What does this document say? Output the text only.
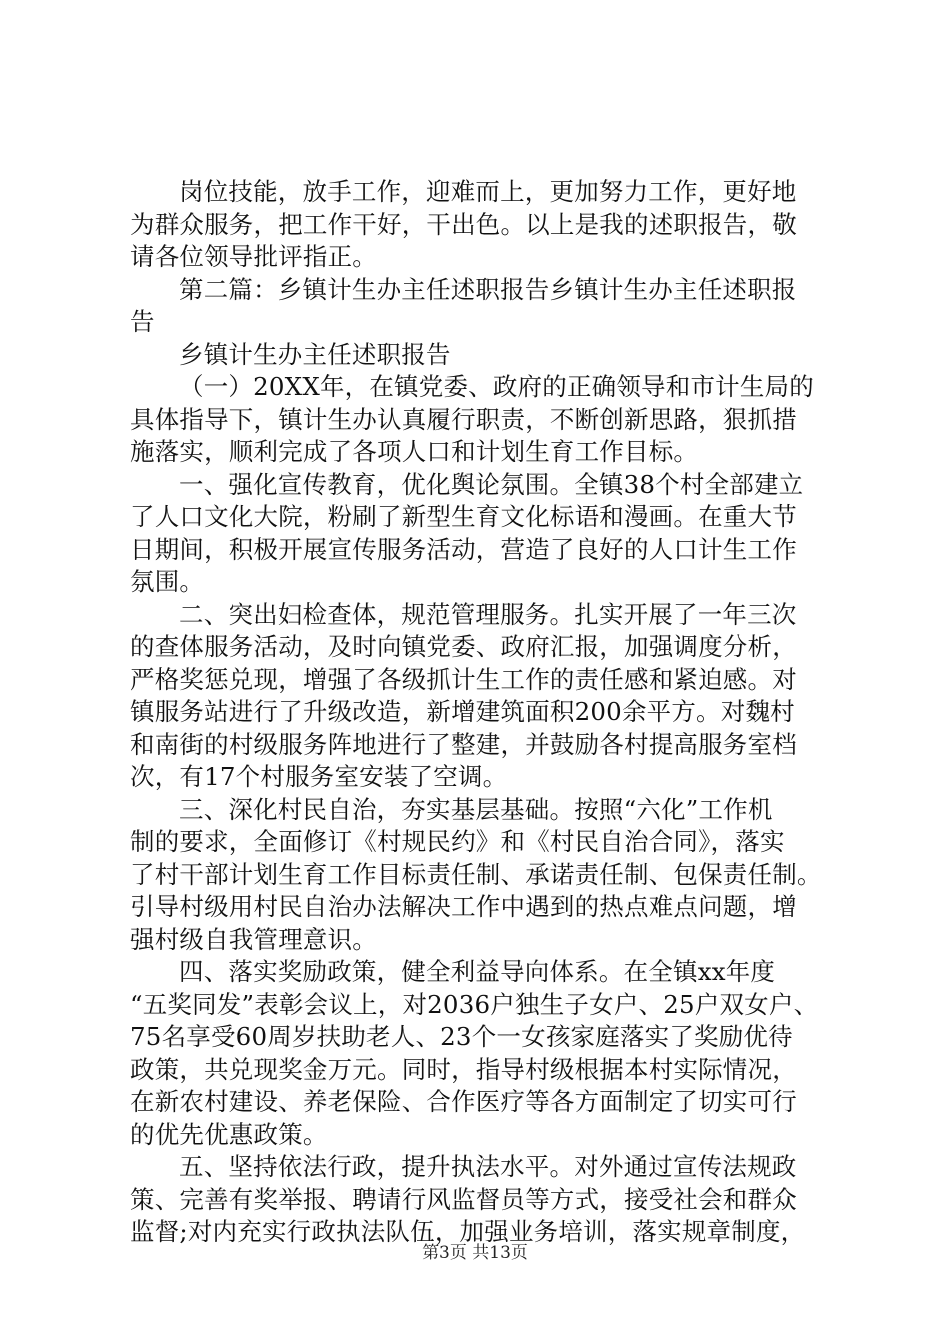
岗位技能，放手工作，迎难而上，更加努力工作，更好地
为群众服务，把工作干好，干出色。以上是我的述职报告，敬
请各位领导批评指正。
第二篇：乡镇计生办主任述职报告乡镇计生办主任述职报
告
乡镇计生办主任述职报告
（一）20XX年，在镇党委、政府的正确领导和市计生局的
具体指导下，镇计生办认真履行职责，不断创新思路，狠抓措
施落实，顺利完成了各项人口和计划生育工作目标。
一、强化宣传教育，优化舆论氛围。全镇38个村全部建立
了人口文化大院，粉刷了新型生育文化标语和漫画。在重大节
日期间，积极开展宣传服务活动，营造了良好的人口计生工作
氛围。
二、突出妇检查体，规范管理服务。扎实开展了一年三次
的查体服务活动，及时向镇党委、政府汇报，加强调度分析，
严格奖惩兑现，增强了各级抓计生工作的责任感和紧迫感。对
镇服务站进行了升级改造，新增建筑面积200余平方。对魏村
和南街的村级服务阵地进行了整建，并鼓励各村提高服务室档
次，有17个村服务室安装了空调。
三、深化村民自治，夯实基层基础。按照“六化”工作机
制的要求，全面修订《村规民约》和《村民自治合同》，落实
了村干部计划生育工作目标责任制、承诺责任制、包保责任制。
引导村级用村民自治办法解决工作中遇到的热点难点问题，增
强村级自我管理意识。
四、落实奖励政策，健全利益导向体系。在全镇xx年度
“五奖同发”表彰会议上，对2036户独生子女户、25户双女户、
75名享受60周岁扶助老人、23个一女孩家庭落实了奖励优待
政策，共兑现奖金万元。同时，指导村级根据本村实际情况，
在新农村建设、养老保险、合作医疗等各方面制定了切实可行
的优先优惠政策。
五、坚持依法行政，提升执法水平。对外通过宣传法规政
策、完善有奖举报、聘请行风监督员等方式，接受社会和群众
监督;对内充实行政执法队伍，加强业务培训，落实规章制度，
第3页 共13页
